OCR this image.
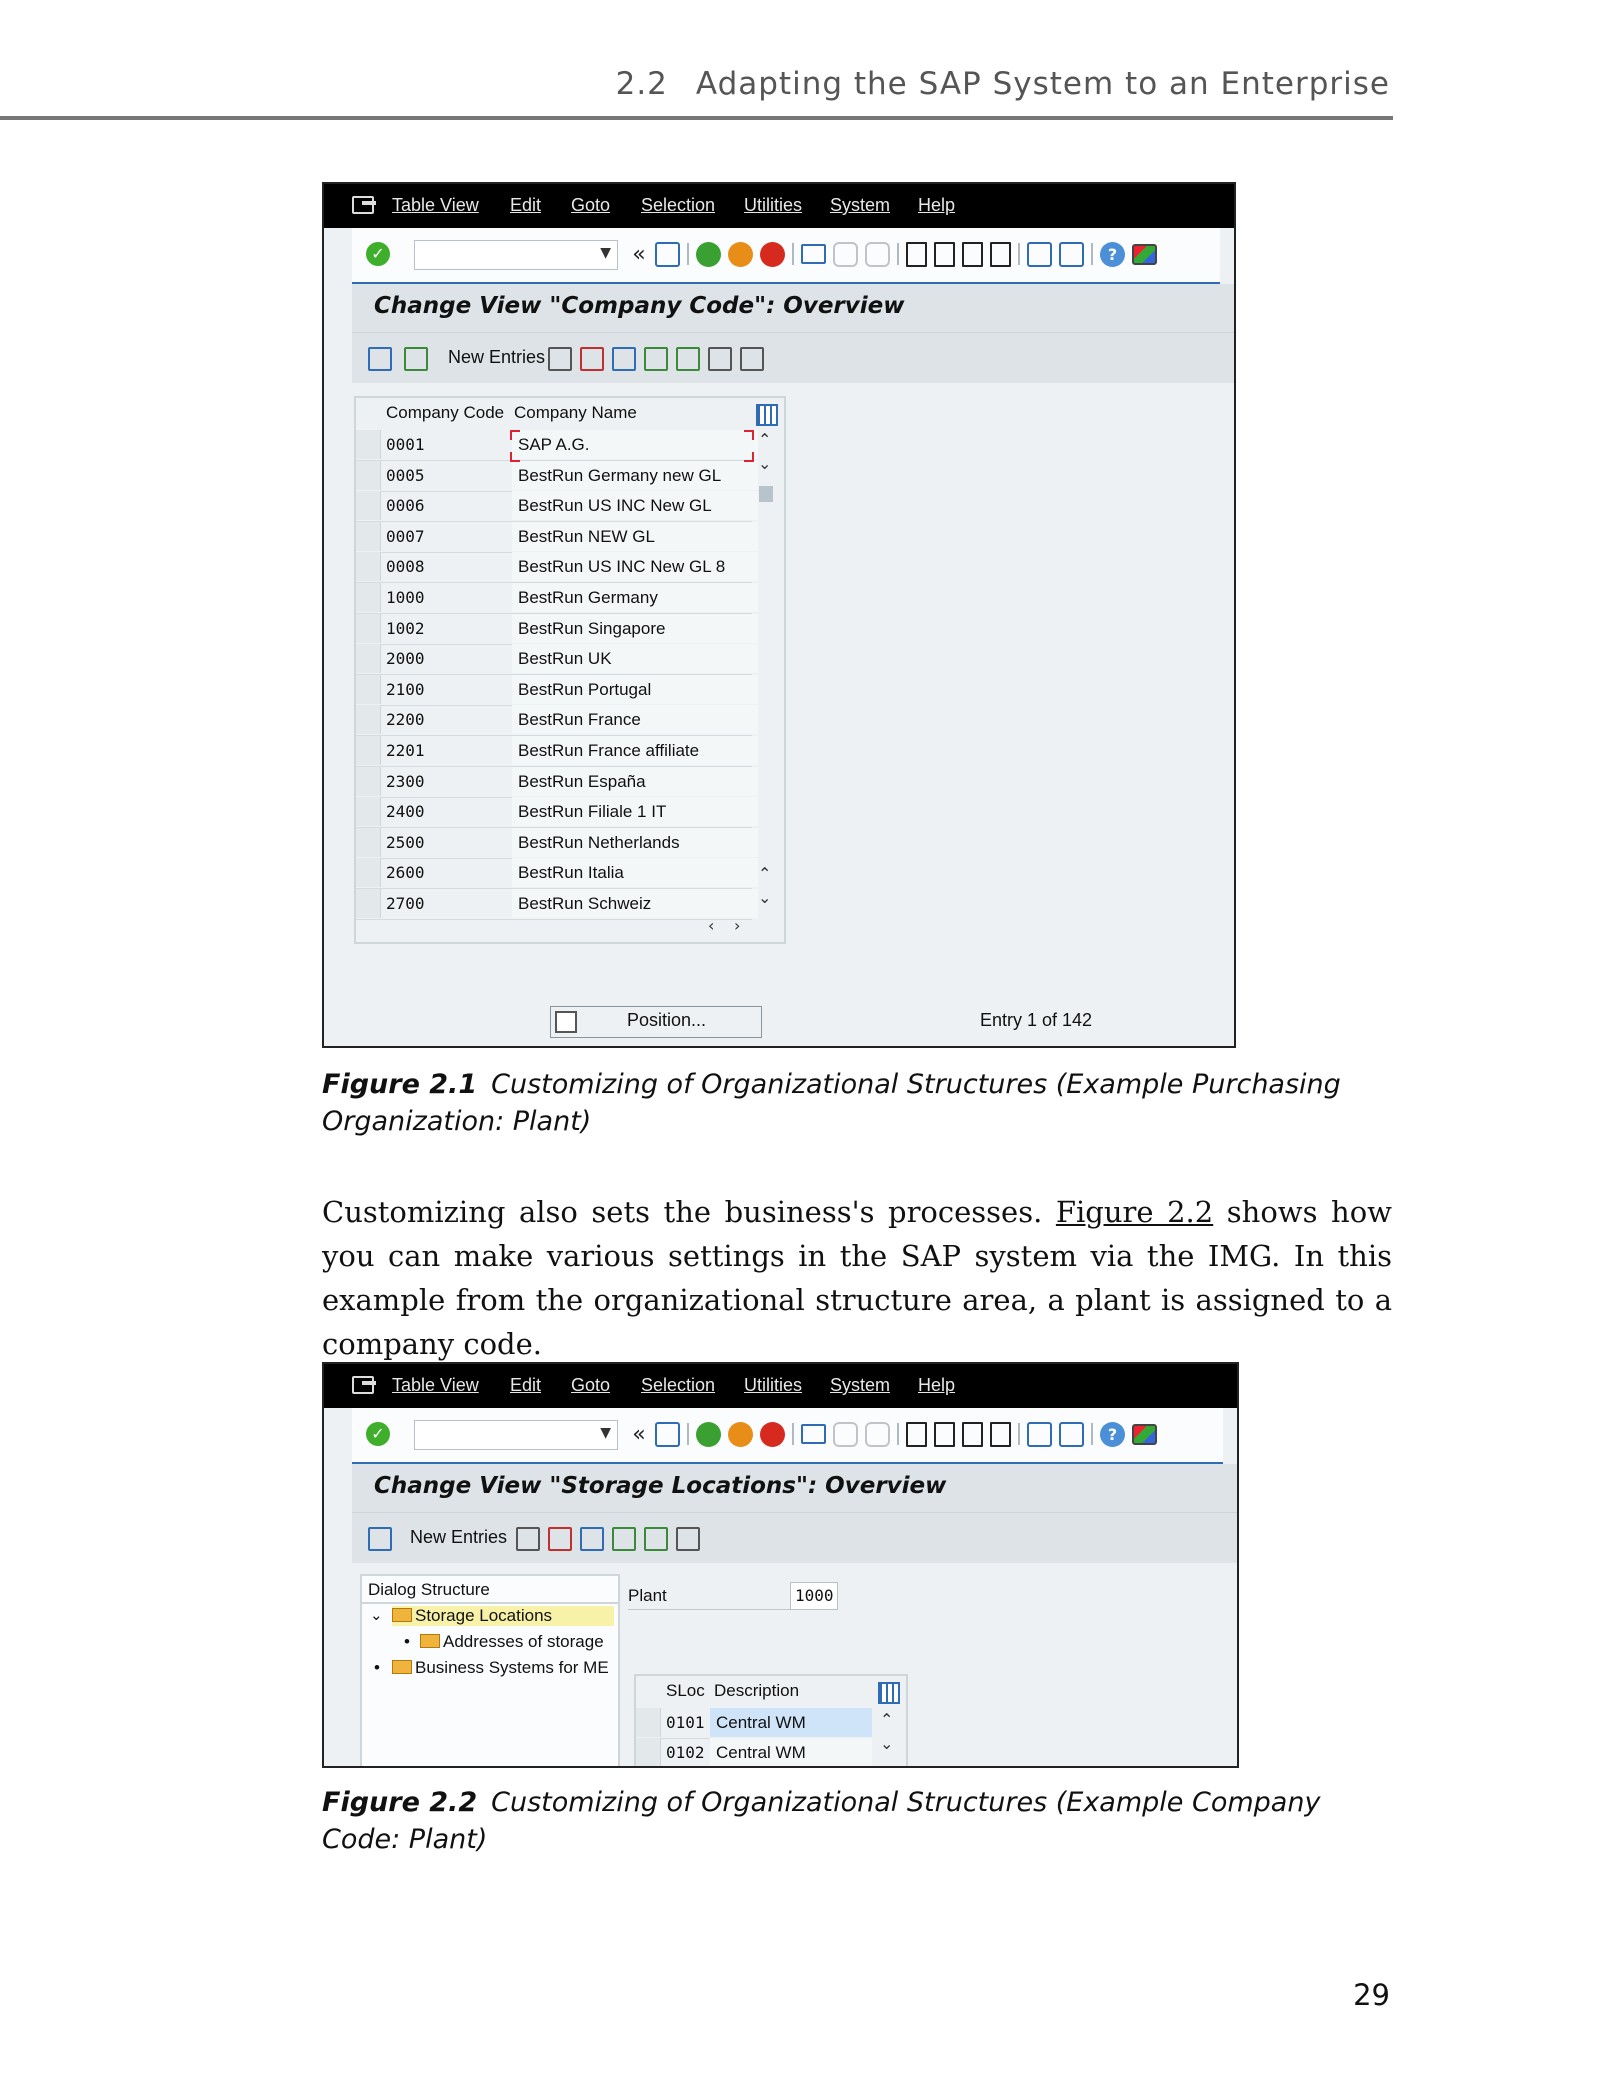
2.2 Adapting the SAP System to an Enterprise
Table View Edit Goto Selection Utilities System Help
✓	▼ «	?
Change View "Company Code": Overview
New Entries
Company Code Company Name
0001	SAP A.G.
0005	BestRun Germany new GL
0006	BestRun US INC New GL
0007	BestRun NEW GL
0008	BestRun US INC New GL 8
1000	BestRun Germany
1002	BestRun Singapore
2000	BestRun UK
2100	BestRun Portugal
2200	BestRun France
2201	BestRun France affiliate
2300	BestRun España
2400	BestRun Filiale 1 IT
2500	BestRun Netherlands
2600	BestRun Italia
2700	BestRun Schweiz
⌃
⌄
⌃
⌄
‹ ›
Position...	Entry 1 of 142
Figure 2.1 Customizing of Organizational Structures (Example Purchasing Organization: Plant)
Customizing also sets the business's processes. Figure 2.2 shows how you can make various settings in the SAP system via the IMG. In this example from the organizational structure area, a plant is assigned to a company code.
Table View Edit Goto Selection Utilities System Help
✓	▼ «	?
Change View "Storage Locations": Overview
New Entries
Dialog Structure
⌄	Storage Locations
•	Addresses of storage
•	Business Systems for ME
Plant	1000
SLoc Description
0101 Central WM
0102 Central WM
⌃
⌄
Figure 2.2 Customizing of Organizational Structures (Example Company Code: Plant)
29
